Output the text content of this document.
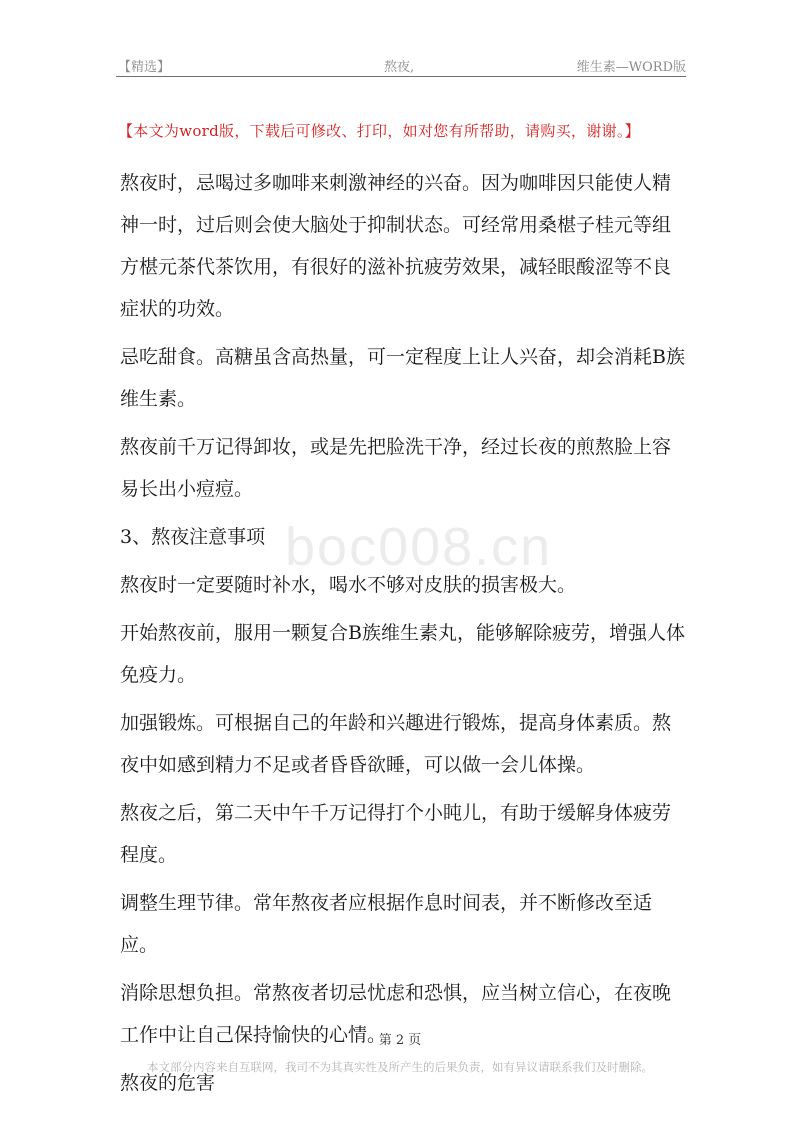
【精选】	熬夜,	维生素—WORD版
【本文为word版，下载后可修改、打印，如对您有所帮助，请购买，谢谢。】
boc008.cn

熬夜时，忌喝过多咖啡来刺激神经的兴奋。因为咖啡因只能使人精神一时，过后则会使大脑处于抑制状态。可经常用桑椹子桂元等组方椹元茶代茶饮用，有很好的滋补抗疲劳效果，减轻眼酸涩等不良症状的功效。

忌吃甜食。高糖虽含高热量，可一定程度上让人兴奋，却会消耗B族维生素。

熬夜前千万记得卸妆，或是先把脸洗干净，经过长夜的煎熬脸上容易长出小痘痘。

3、熬夜注意事项

熬夜时一定要随时补水，喝水不够对皮肤的损害极大。

开始熬夜前，服用一颗复合B族维生素丸，能够解除疲劳，增强人体免疫力。

加强锻炼。可根据自己的年龄和兴趣进行锻炼，提高身体素质。熬夜中如感到精力不足或者昏昏欲睡，可以做一会儿体操。

熬夜之后，第二天中午千万记得打个小盹儿，有助于缓解身体疲劳程度。

调整生理节律。常年熬夜者应根据作息时间表，并不断修改至适应。

消除思想负担。常熬夜者切忌忧虑和恐惧，应当树立信心，在夜晚工作中让自己保持愉快的心情。

熬夜的危害

第 2 页
本文部分内容来自互联网，我司不为其真实性及所产生的后果负责，如有异议请联系我们及时删除。
